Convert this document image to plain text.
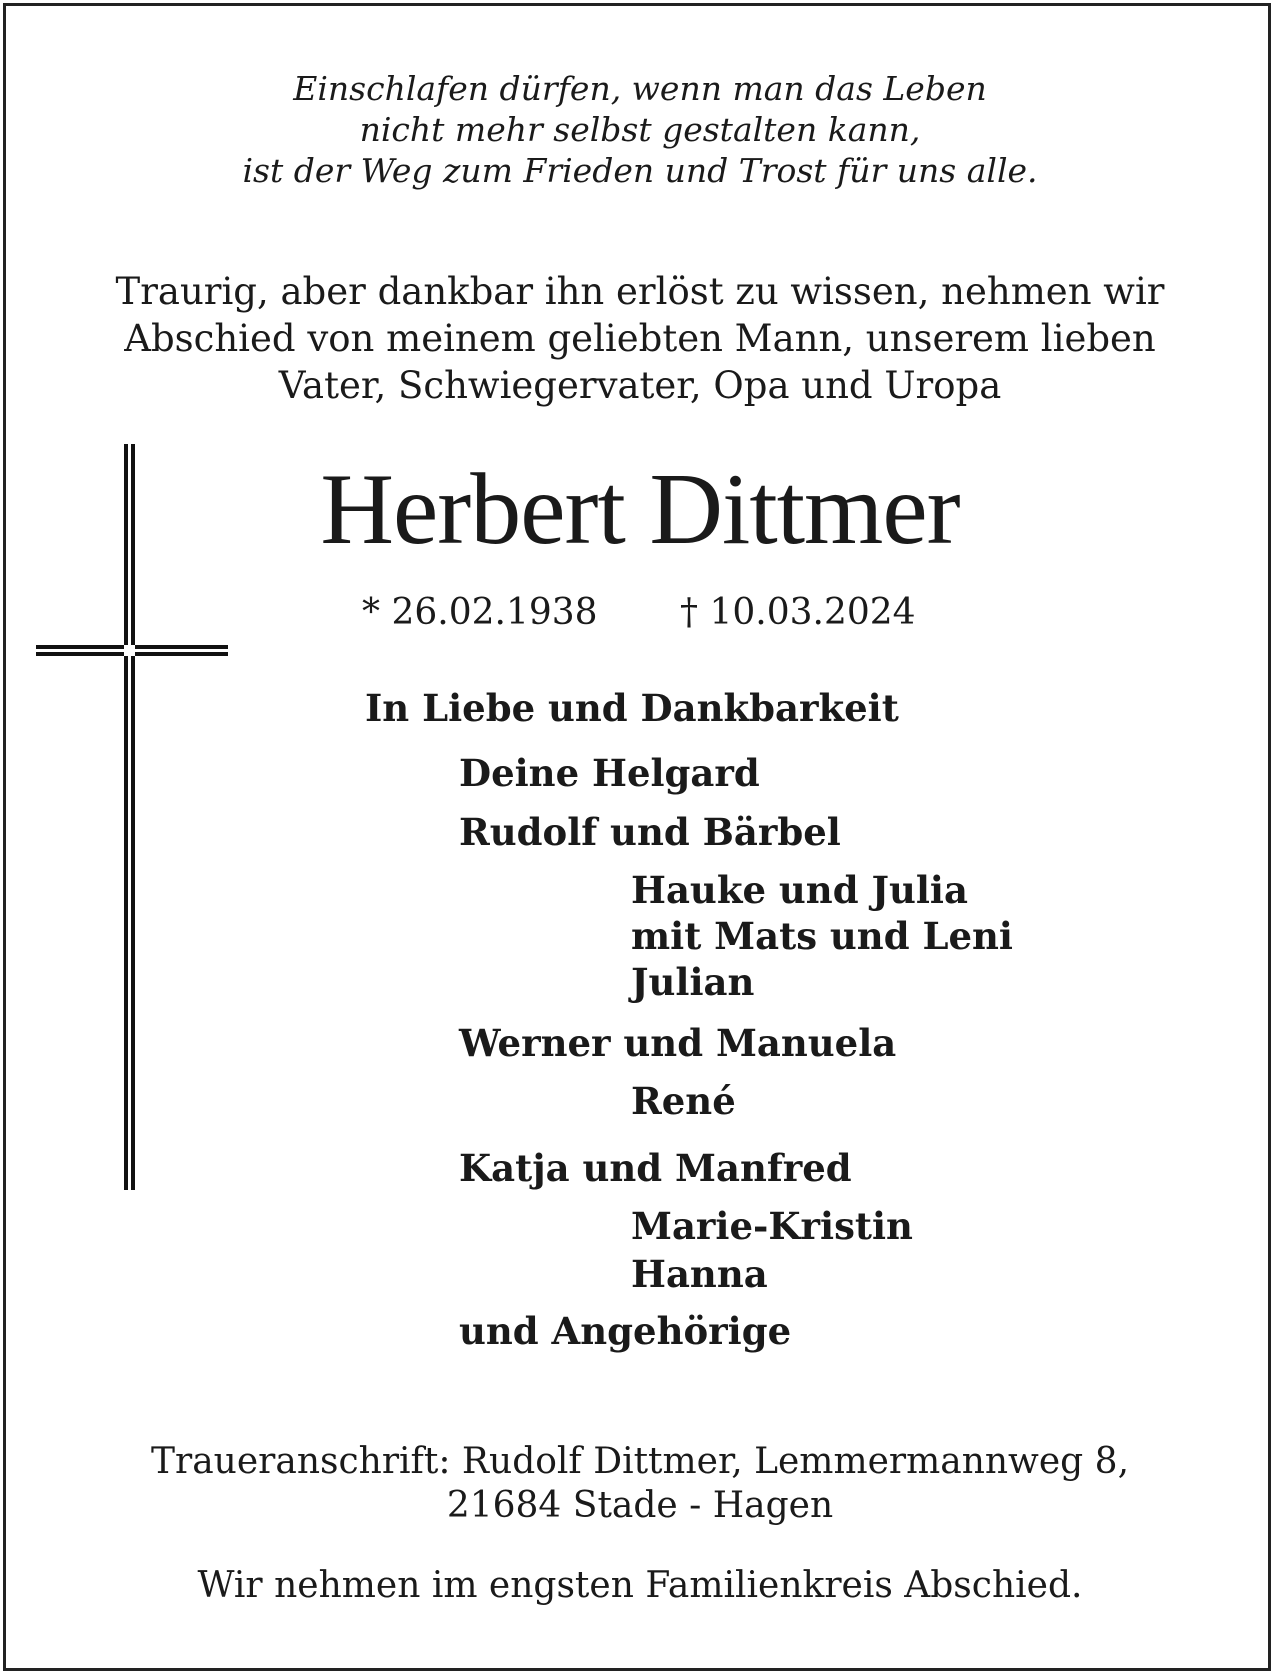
Einschlafen dürfen, wenn man das Leben
nicht mehr selbst gestalten kann,
ist der Weg zum Frieden und Trost für uns alle.
Traurig, aber dankbar ihn erlöst zu wissen, nehmen wir
Abschied von meinem geliebten Mann, unserem lieben
Vater, Schwiegervater, Opa und Uropa
Herbert Dittmer
* 26.02.1938 † 10.03.2024
In Liebe und Dankbarkeit
Deine Helgard
Rudolf und Bärbel
Hauke und Julia
mit Mats und Leni
Julian
Werner und Manuela
René
Katja und Manfred
Marie-Kristin
Hanna
und Angehörige
Traueranschrift: Rudolf Dittmer, Lemmermannweg 8,
21684 Stade - Hagen
Wir nehmen im engsten Familienkreis Abschied.
